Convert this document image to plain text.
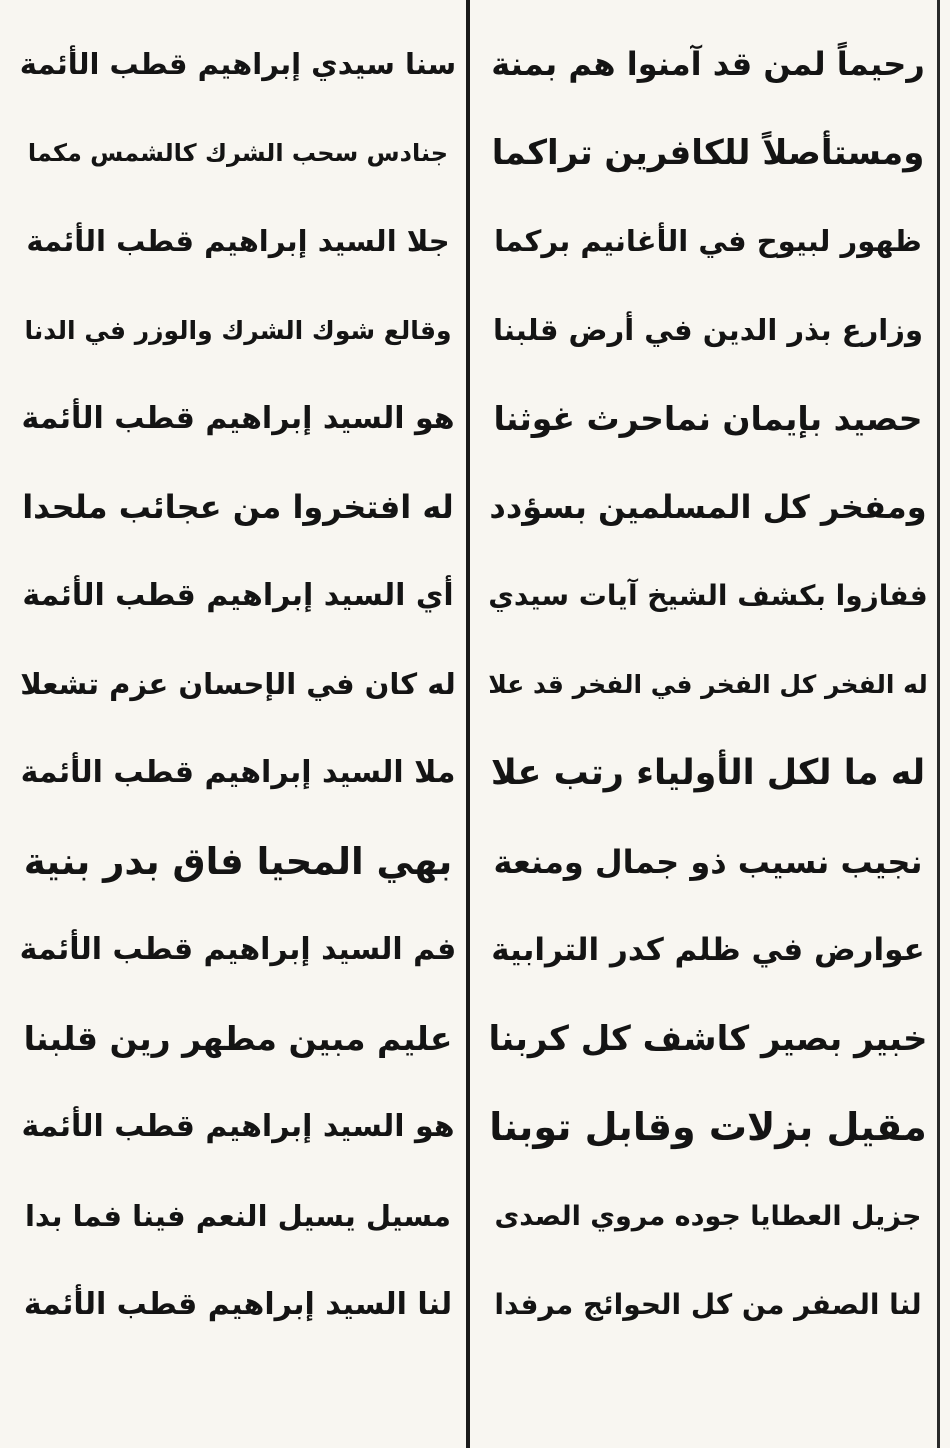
رحيماً لمن قد آمنوا هم بمنة
ومستأصلاً للكافرين تراكما
ظهور لبيوح في الأغانيم بركما
وزارع بذر الدين في أرض قلبنا
حصيد بإيمان نماحرث غوثنا
ومفخر كل المسلمين بسؤدد
ففازوا بكشف الشيخ آيات سيدي
له الفخر كل الفخر في الفخر قد علا
له ما لكل الأولياء رتب علا
نجيب نسيب ذو جمال ومنعة
عوارض في ظلم كدر الترابية
خبير بصير كاشف كل كربنا
مقيل بزلات وقابل توبنا
جزيل العطايا جوده مروي الصدى
لنا الصفر من كل الحوائج مرفدا
سنا سيدي إبراهيم قطب الأئمة
جنادس سحب الشرك كالشمس مكما
جلا السيد إبراهيم قطب الأئمة
وقالع شوك الشرك والوزر في الدنا
هو السيد إبراهيم قطب الأئمة
له افتخروا من عجائب ملحدا
أي السيد إبراهيم قطب الأئمة
له كان في الإحسان عزم تشعلا
ملا السيد إبراهيم قطب الأئمة
بهي المحيا فاق بدر بنية
فم السيد إبراهيم قطب الأئمة
عليم مبين مطهر رين قلبنا
هو السيد إبراهيم قطب الأئمة
مسيل يسيل النعم فينا فما بدا
لنا السيد إبراهيم قطب الأئمة
